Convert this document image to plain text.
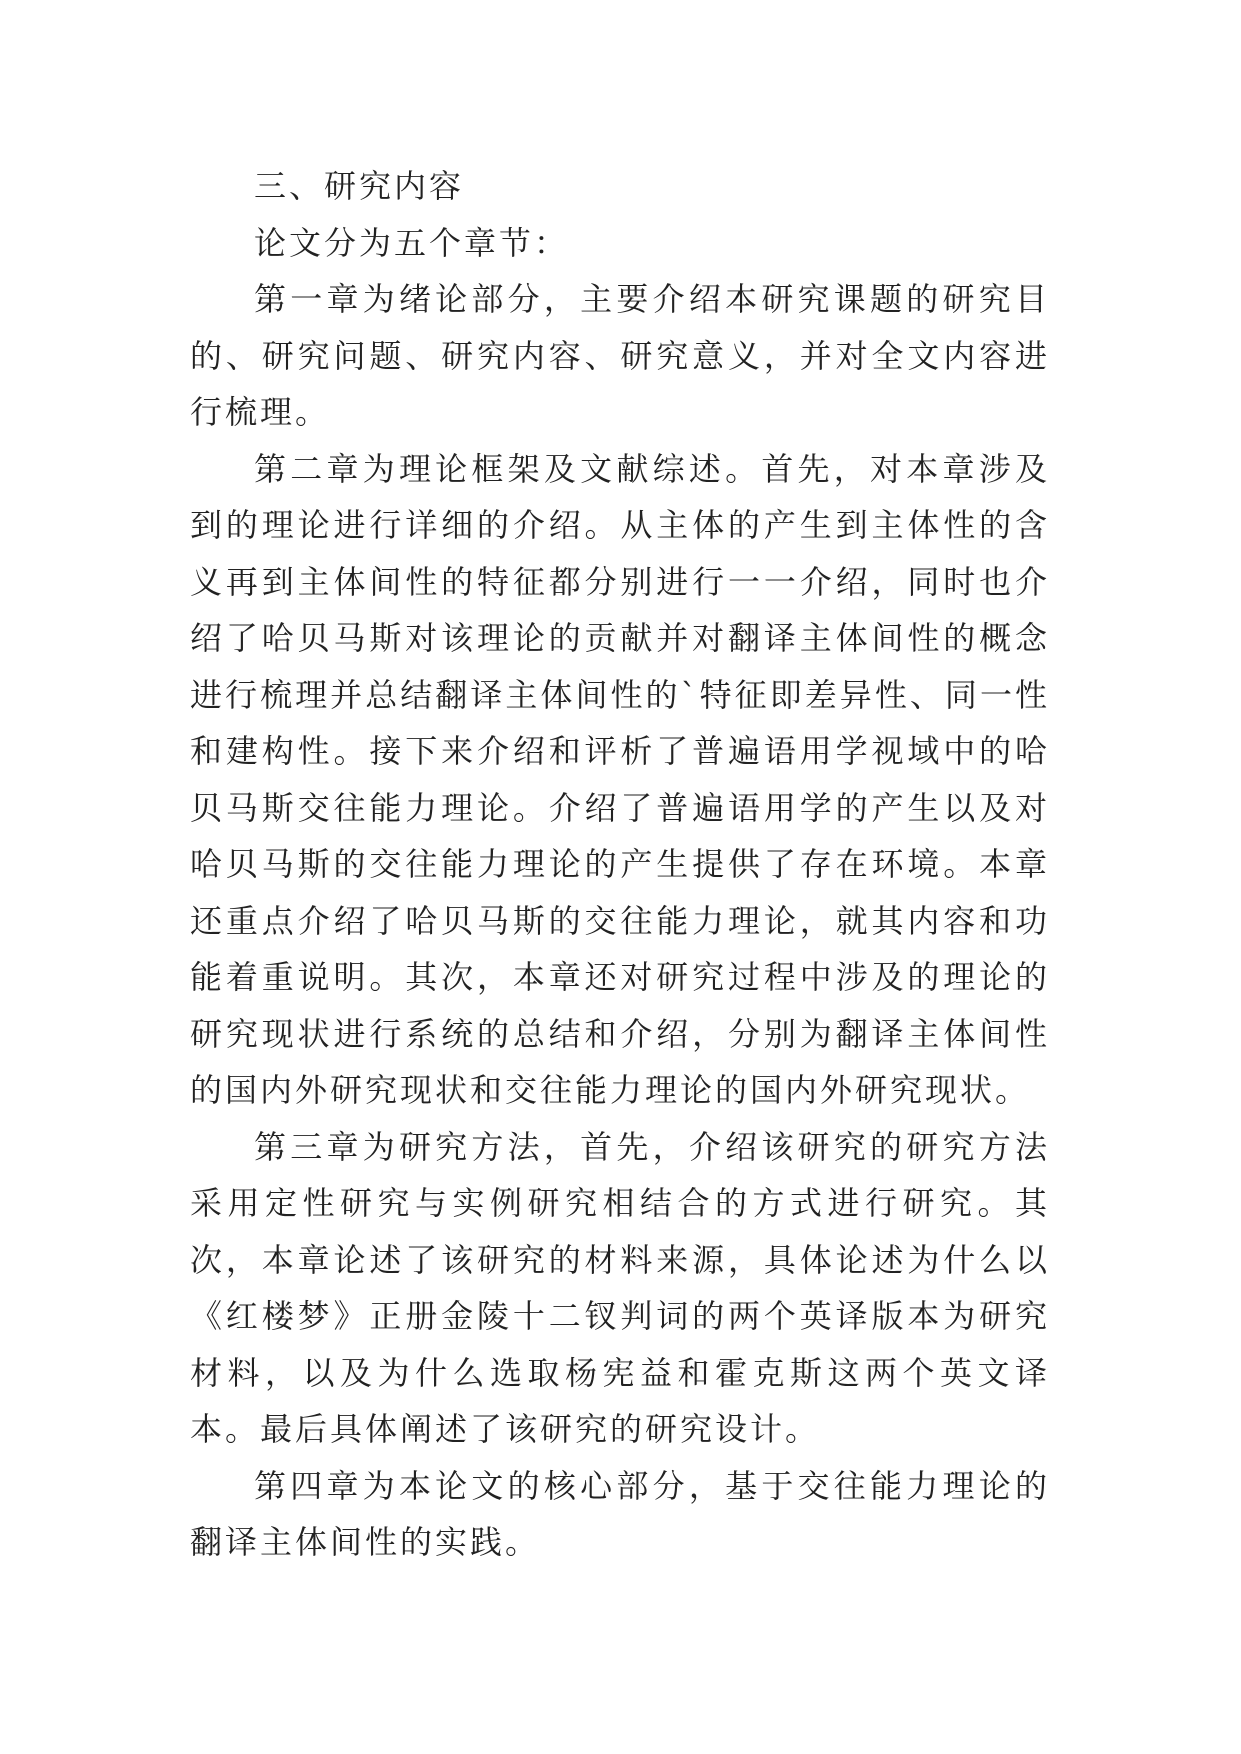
三、研究内容

论文分为五个章节：

第一章为绪论部分，主要介绍本研究课题的研究目的、研究问题、研究内容、研究意义，并对全文内容进行梳理。

第二章为理论框架及文献综述。首先，对本章涉及到的理论进行详细的介绍。从主体的产生到主体性的含义再到主体间性的特征都分别进行一一介绍，同时也介绍了哈贝马斯对该理论的贡献并对翻译主体间性的概念进行梳理并总结翻译主体间性的`特征即差异性、同一性和建构性。接下来介绍和评析了普遍语用学视域中的哈贝马斯交往能力理论。介绍了普遍语用学的产生以及对哈贝马斯的交往能力理论的产生提供了存在环境。本章还重点介绍了哈贝马斯的交往能力理论，就其内容和功能着重说明。其次，本章还对研究过程中涉及的理论的研究现状进行系统的总结和介绍，分别为翻译主体间性的国内外研究现状和交往能力理论的国内外研究现状。

第三章为研究方法，首先，介绍该研究的研究方法采用定性研究与实例研究相结合的方式进行研究。其次，本章论述了该研究的材料来源，具体论述为什么以《红楼梦》正册金陵十二钗判词的两个英译版本为研究材料，以及为什么选取杨宪益和霍克斯这两个英文译本。最后具体阐述了该研究的研究设计。

第四章为本论文的核心部分，基于交往能力理论的翻译主体间性的实践。
